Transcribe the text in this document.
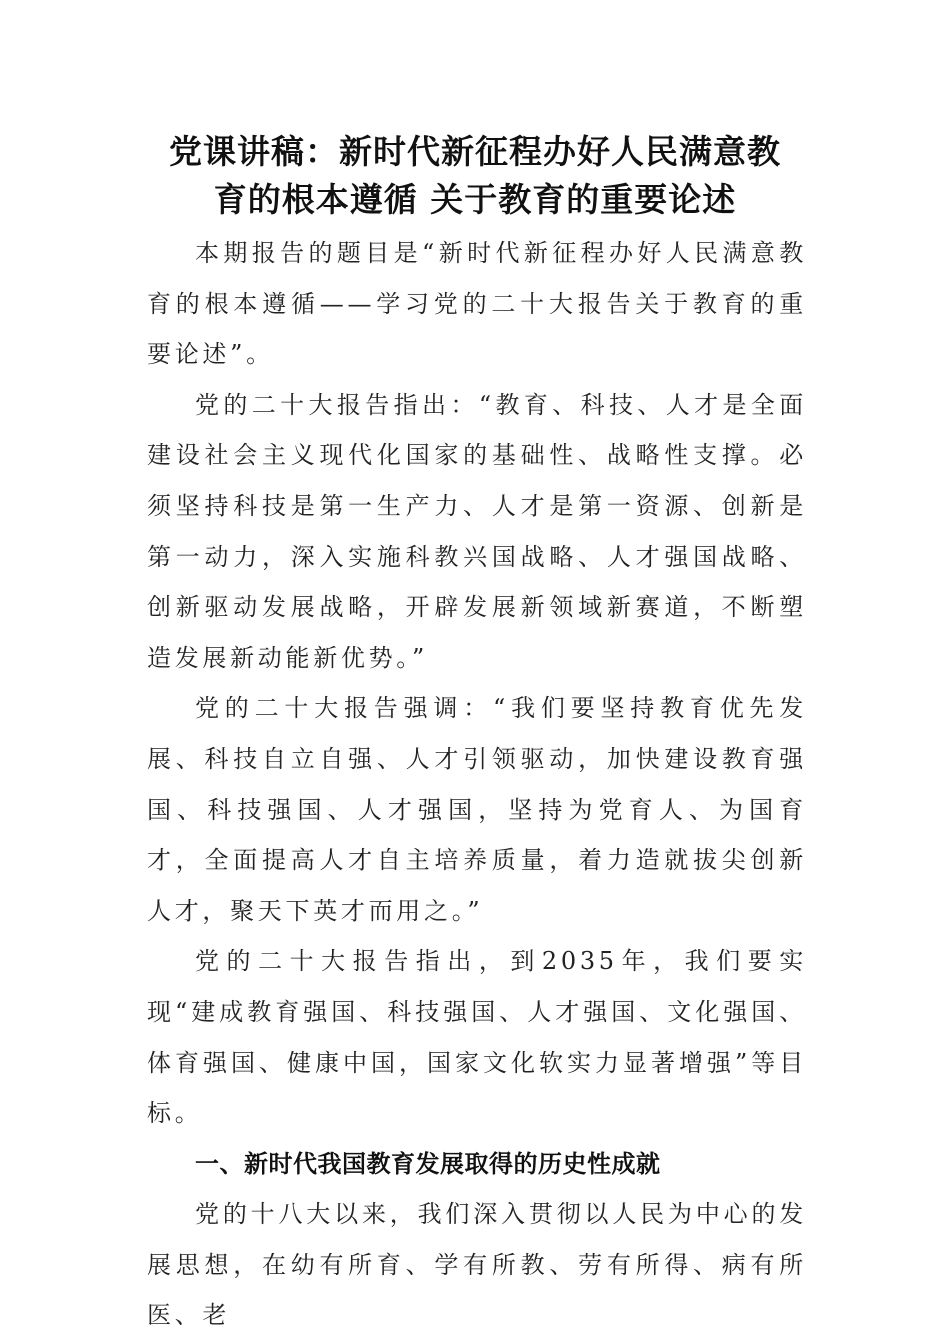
党课讲稿：新时代新征程办好人民满意教
育的根本遵循 关于教育的重要论述

本期报告的题目是“新时代新征程办好人民满意教育的根本遵循——学习党的二十大报告关于教育的重要论述”。

党的二十大报告指出：“教育、科技、人才是全面建设社会主义现代化国家的基础性、战略性支撑。必须坚持科技是第一生产力、人才是第一资源、创新是第一动力，深入实施科教兴国战略、人才强国战略、创新驱动发展战略，开辟发展新领域新赛道，不断塑造发展新动能新优势。”

党的二十大报告强调：“我们要坚持教育优先发展、科技自立自强、人才引领驱动，加快建设教育强国、科技强国、人才强国，坚持为党育人、为国育才，全面提高人才自主培养质量，着力造就拔尖创新人才，聚天下英才而用之。”

党的二十大报告指出，到2035年，我们要实现“建成教育强国、科技强国、人才强国、文化强国、体育强国、健康中国，国家文化软实力显著增强”等目标。

一、新时代我国教育发展取得的历史性成就

党的十八大以来，我们深入贯彻以人民为中心的发展思想，在幼有所育、学有所教、劳有所得、病有所医、老
